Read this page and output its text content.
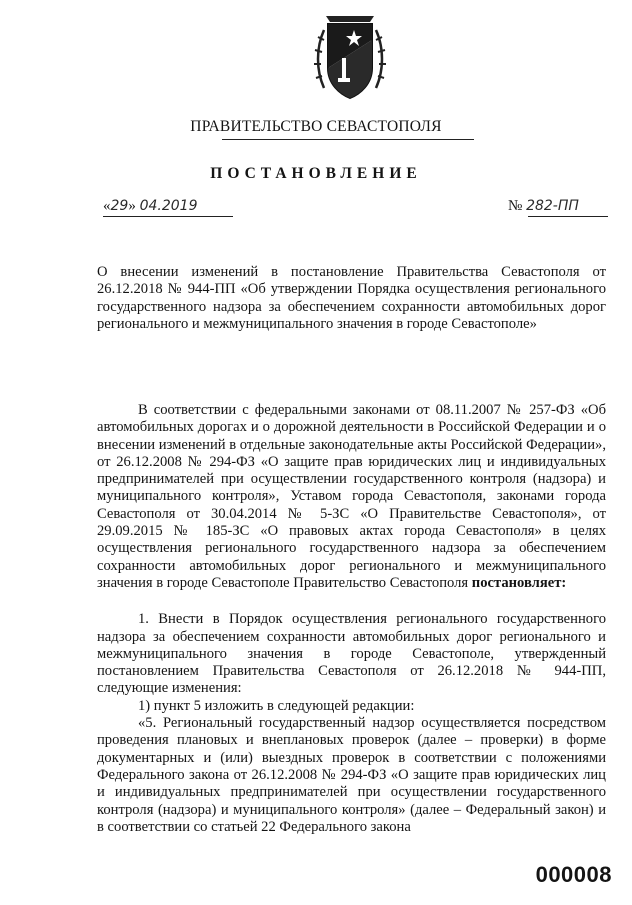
ПРАВИТЕЛЬСТВО СЕВАСТОПОЛЯ
ПОСТАНОВЛЕНИЕ
«29» 04.2019	№ 282-ПП
О внесении изменений в постановление Правительства Севастополя от 26.12.2018 № 944-ПП «Об утверждении Порядка осуществления регионального государственного надзора за обеспечением сохранности автомобильных дорог регионального и межмуниципального значения в городе Севастополе»

В соответствии с федеральными законами от 08.11.2007 № 257-ФЗ «Об автомобильных дорогах и о дорожной деятельности в Российской Федерации и о внесении изменений в отдельные законодательные акты Российской Федерации», от 26.12.2008 № 294-ФЗ «О защите прав юридических лиц и индивидуальных предпринимателей при осуществлении государственного контроля (надзора) и муниципального контроля», Уставом города Севастополя, законами города Севастополя от 30.04.2014 № 5-ЗС «О Правительстве Севастополя», от 29.09.2015 № 185-ЗС «О правовых актах города Севастополя» в целях осуществления регионального государственного надзора за обеспечением сохранности автомобильных дорог регионального и межмуниципального значения в городе Севастополе Правительство Севастополя постановляет:

1. Внести в Порядок осуществления регионального государственного надзора за обеспечением сохранности автомобильных дорог регионального и межмуниципального значения в городе Севастополе, утвержденный постановлением Правительства Севастополя от 26.12.2018 № 944-ПП, следующие изменения:

1) пункт 5 изложить в следующей редакции:

«5. Региональный государственный надзор осуществляется посредством проведения плановых и внеплановых проверок (далее – проверки) в форме документарных и (или) выездных проверок в соответствии с положениями Федерального закона от 26.12.2008 № 294-ФЗ «О защите прав юридических лиц и индивидуальных предпринимателей при осуществлении государственного контроля (надзора) и муниципального контроля» (далее – Федеральный закон) и в соответствии со статьей 22 Федерального закона

000008
